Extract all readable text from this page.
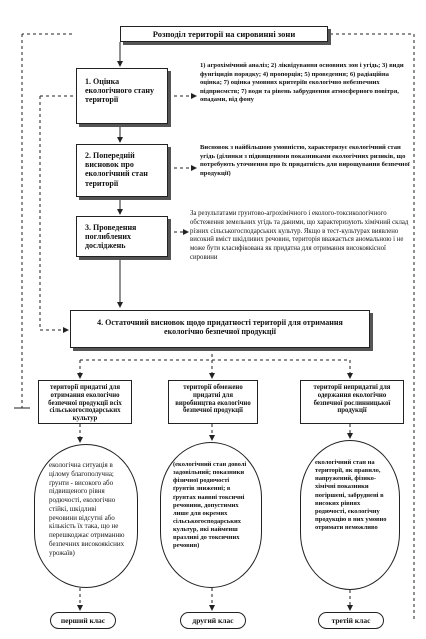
Розподіл території на сировинні зони
1. Оцінка екологічного стану території
1) агрохімічний аналіз; 2) ліквідування основних зон і угідь; 3) види фунгіцидів порядку; 4) пропорція; 5) проведення; 6) радіаційна оцінка; 7) оцінка умовних критеріїв екологічно небезпечних підприємств; 7) води та рівень забруднення атмосферного повітря, опадами, від фону
2. Попередній висновок про екологічний стан території
Висновок з найбільшою умовністю, характеризує екологічний стан угідь (ділянки з підвищеними показниками екологічних ризиків, що потребують уточнення про їх придатність для вирощування безпечної продукції)
3. Проведення поглиблених досліджень
За результатами грунтово-агрохімічного і еколого-токсикологічного обстеження земельних угідь та даними, що характеризують хімічний склад різних сільськогосподарських культур. Якщо в тест-культурах виявлено високий вміст шкідливих речовин, територія вважається аномальною і не може бути класифікована як придатна для отримання високоякісної сировини
4. Остаточний висновок щодо придатності території для отримання екологічно безпечної продукції
території придатні для отримання екологічно безпечної продукції всіх сільськогосподарських культур
території обмежено придатні для виробництва екологічно безпечної продукції
території непридатні для одержання екологічно безпечної рослинницької продукції
екологічна ситуація в цілому благополучна; ґрунти - високого або підвищеного рівня родючості, екологічно стійкі, шкідливі речовини відсутні або кількість їх така, що не перешкоджає отриманню безпечних високоякісних урожаїв)
(екологічний стан доволі задовільний; показники фізичної родючості ґрунтів зниженні; в ґрунтах наявні токсичні речовини, допустимих лише для окремих сільськогосподарських культур, які найменш вразливі до токсичних речовин)
екологічний стан на території, як правило, напружений, фізико-хімічні показники погіршені, забруднені в високих рівнях родючості, екологічну продукцію в них умовно отримати неможливо
перший клас	другий клас	третій клас
